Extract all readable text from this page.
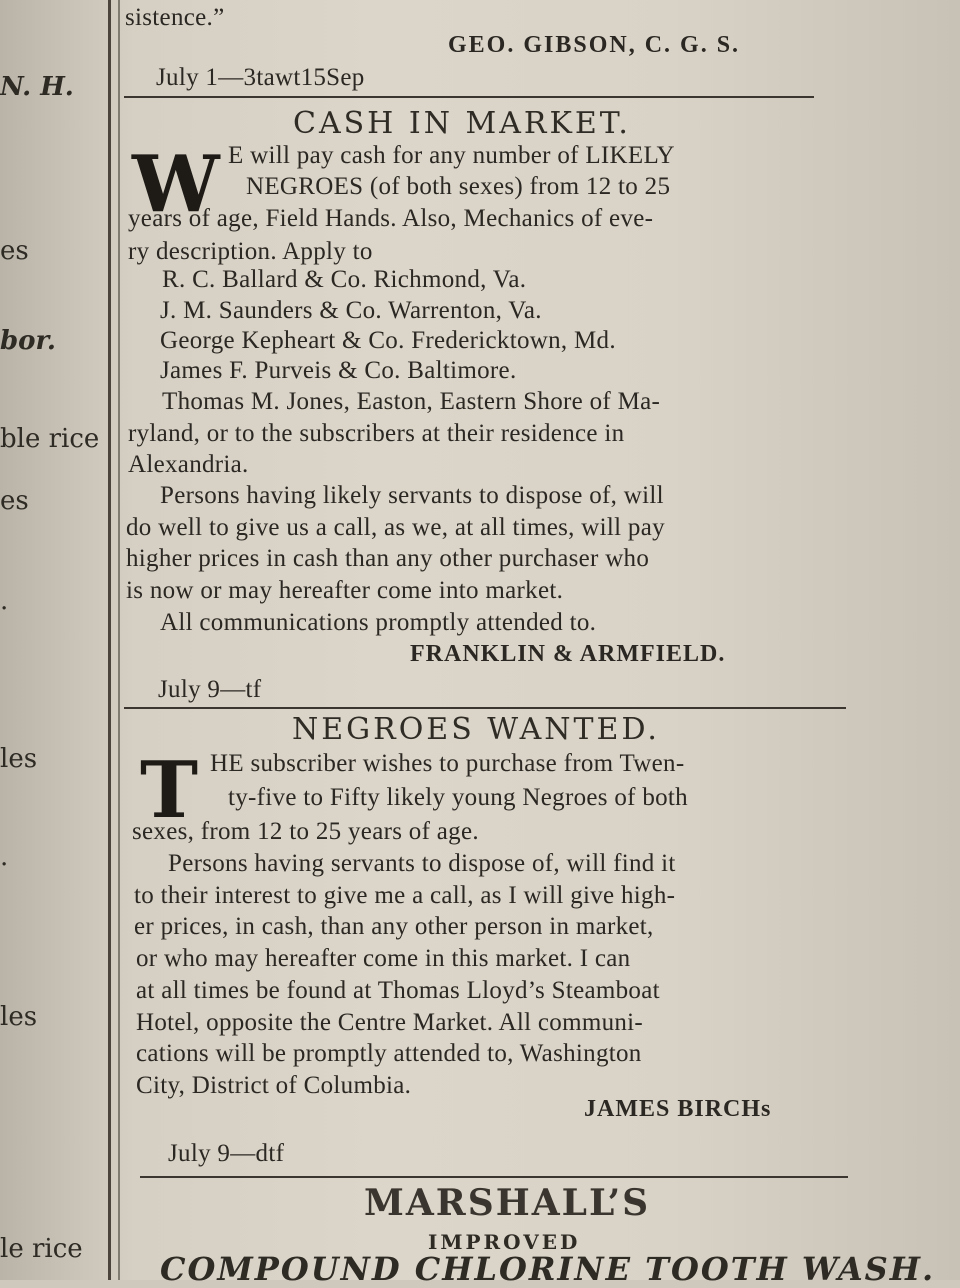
N. H.
es
bor.
ble rice
es
.
les
.
les
le rice
sistence.”
GEO. GIBSON, C. G. S.
July 1—3tawt15Sep
CASH IN MARKET.
W E will pay cash for any number of LIKELY
NEGROES (of both sexes) from 12 to 25
years of age, Field Hands. Also, Mechanics of eve-
ry description. Apply to
R. C. Ballard & Co. Richmond, Va.
J. M. Saunders & Co. Warrenton, Va.
George Kepheart & Co. Fredericktown, Md.
James F. Purveis & Co. Baltimore.
Thomas M. Jones, Easton, Eastern Shore of Ma-
ryland, or to the subscribers at their residence in
Alexandria.
Persons having likely servants to dispose of, will
do well to give us a call, as we, at all times, will pay
higher prices in cash than any other purchaser who
is now or may hereafter come into market.
All communications promptly attended to.
FRANKLIN & ARMFIELD.
July 9—tf
NEGROES WANTED.
T HE subscriber wishes to purchase from Twen-
ty-five to Fifty likely young Negroes of both
sexes, from 12 to 25 years of age.
Persons having servants to dispose of, will find it
to their interest to give me a call, as I will give high-
er prices, in cash, than any other person in market,
or who may hereafter come in this market. I can
at all times be found at Thomas Lloyd’s Steamboat
Hotel, opposite the Centre Market. All communi-
cations will be promptly attended to, Washington
City, District of Columbia.
JAMES BIRCHs
July 9—dtf
MARSHALL’S
IMPROVED
COMPOUND CHLORINE TOOTH WASH.
